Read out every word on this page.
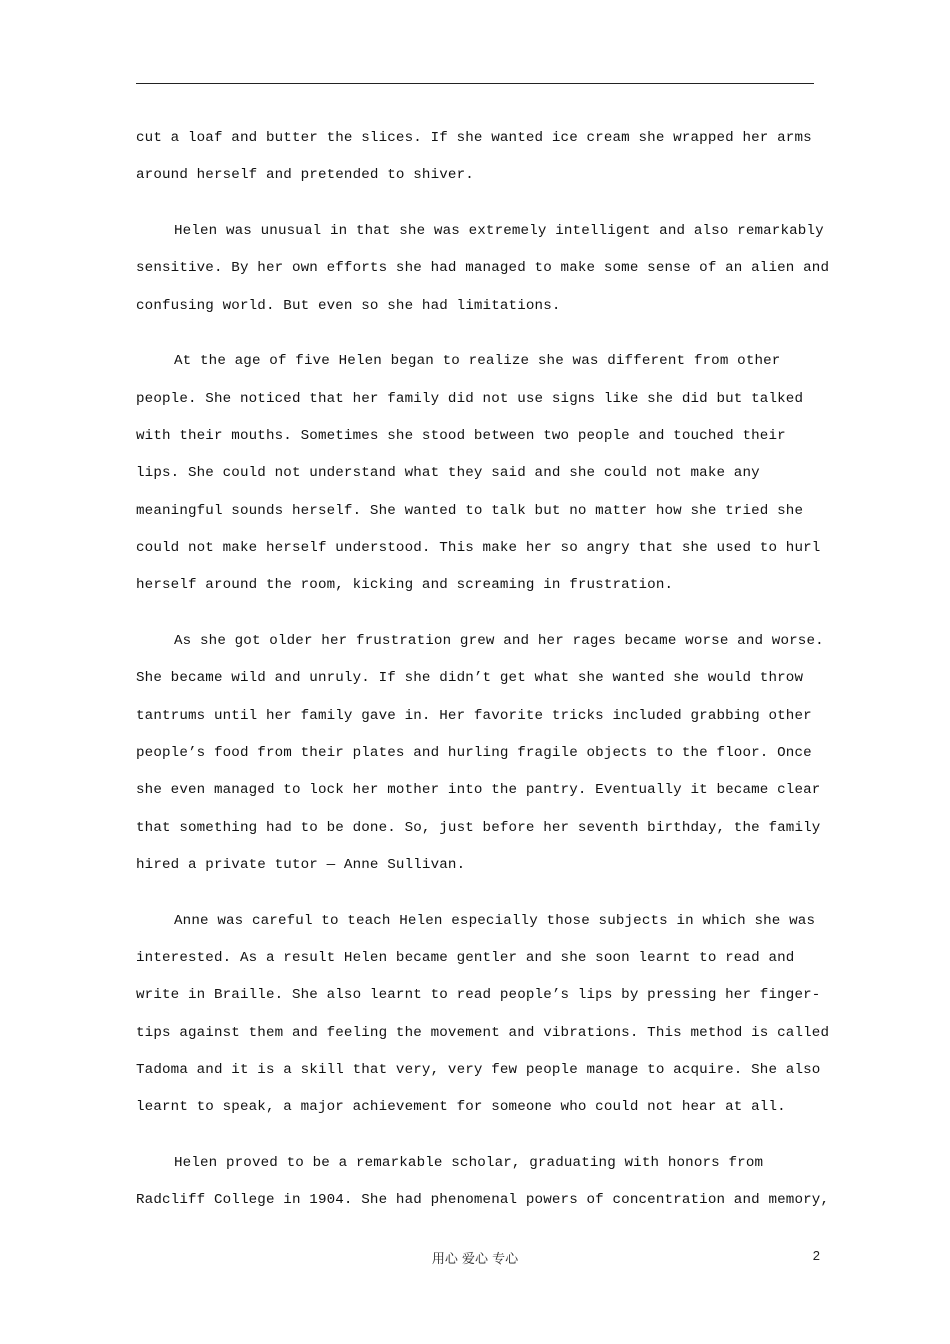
cut a loaf and butter the slices. If she wanted ice cream she wrapped her arms
around herself and pretended to shiver.
Helen was unusual in that she was extremely intelligent and also remarkably
sensitive. By her own efforts she had managed to make some sense of an alien and
confusing world. But even so she had limitations.
At the age of five Helen began to realize she was different from other
people. She noticed that her family did not use signs like she did but talked
with their mouths. Sometimes she stood between two people and touched their
lips. She could not understand what they said and she could not make any
meaningful sounds herself. She wanted to talk but no matter how she tried she
could not make herself understood. This make her so angry that she used to hurl
herself around the room, kicking and screaming in frustration.
As she got older her frustration grew and her rages became worse and worse.
She became wild and unruly. If she didn’t get what she wanted she would throw
tantrums until her family gave in. Her favorite tricks included grabbing other
people’s food from their plates and hurling fragile objects to the floor. Once
she even managed to lock her mother into the pantry. Eventually it became clear
that something had to be done. So, just before her seventh birthday, the family
hired a private tutor — Anne Sullivan.
Anne was careful to teach Helen especially those subjects in which she was
interested. As a result Helen became gentler and she soon learnt to read and
write in Braille. She also learnt to read people’s lips by pressing her finger-
tips against them and feeling the movement and vibrations. This method is called
Tadoma and it is a skill that very, very few people manage to acquire. She also
learnt to speak, a major achievement for someone who could not hear at all.
Helen proved to be a remarkable scholar, graduating with honors from
Radcliff College in 1904. She had phenomenal powers of concentration and memory,
用心 爱心 专心	2
